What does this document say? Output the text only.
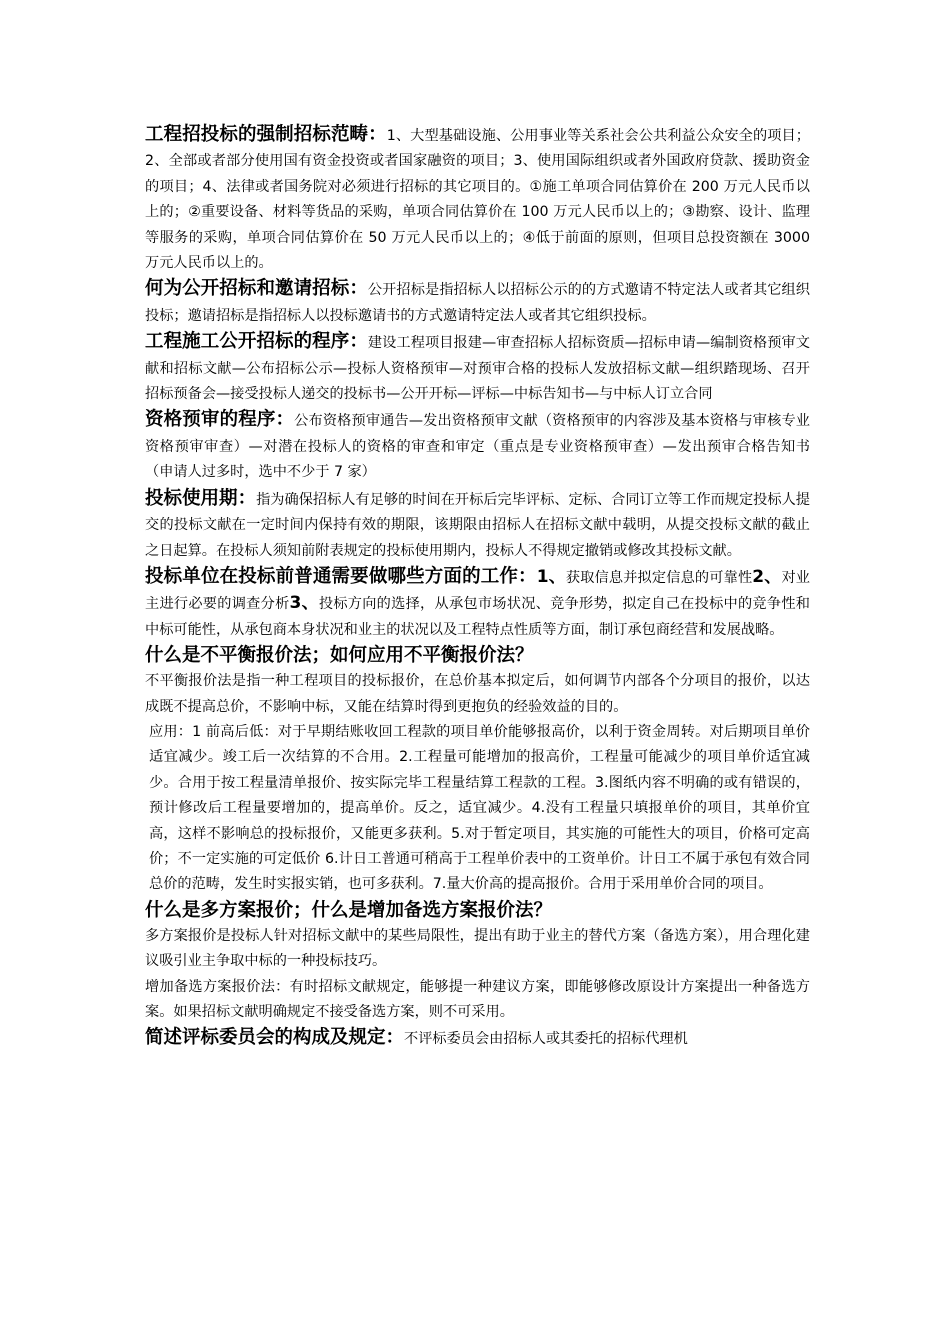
工程招投标的强制招标范畴：1、大型基础设施、公用事业等关系社会公共利益公众安全的项目；2、全部或者部分使用国有资金投资或者国家融资的项目；3、使用国际组织或者外国政府贷款、援助资金的项目；4、法律或者国务院对必须进行招标的其它项目的。①施工单项合同估算价在 200 万元人民币以上的；②重要设备、材料等货品的采购，单项合同估算价在 100 万元人民币以上的；③勘察、设计、监理等服务的采购，单项合同估算价在 50 万元人民币以上的；④低于前面的原则，但项目总投资额在 3000 万元人民币以上的。

何为公开招标和邀请招标：公开招标是指招标人以招标公示的的方式邀请不特定法人或者其它组织投标；邀请招标是指招标人以投标邀请书的方式邀请特定法人或者其它组织投标。

工程施工公开招标的程序：建设工程项目报建—审查招标人招标资质—招标申请—编制资格预审文献和招标文献—公布招标公示—投标人资格预审—对预审合格的投标人发放招标文献—组织踏现场、召开招标预备会—接受投标人递交的投标书—公开开标—评标—中标告知书—与中标人订立合同

资格预审的程序：公布资格预审通告—发出资格预审文献（资格预审的内容涉及基本资格与审核专业资格预审审查）—对潜在投标人的资格的审查和审定（重点是专业资格预审查）—发出预审合格告知书（申请人过多时，选中不少于 7 家）

投标使用期：指为确保招标人有足够的时间在开标后完毕评标、定标、合同订立等工作而规定投标人提交的投标文献在一定时间内保持有效的期限，该期限由招标人在招标文献中载明，从提交投标文献的截止之日起算。在投标人须知前附表规定的投标使用期内，投标人不得规定撤销或修改其投标文献。

投标单位在投标前普通需要做哪些方面的工作：1、获取信息并拟定信息的可靠性2、对业主进行必要的调查分析3、投标方向的选择，从承包市场状况、竞争形势，拟定自己在投标中的竞争性和中标可能性，从承包商本身状况和业主的状况以及工程特点性质等方面，制订承包商经营和发展战略。

什么是不平衡报价法；如何应用不平衡报价法？

不平衡报价法是指一种工程项目的投标报价，在总价基本拟定后，如何调节内部各个分项目的报价，以达成既不提高总价，不影响中标，又能在结算时得到更抱负的经验效益的目的。

应用：1 前高后低：对于早期结账收回工程款的项目单价能够报高价，以利于资金周转。对后期项目单价适宜减少。竣工后一次结算的不合用。2.工程量可能增加的报高价，工程量可能减少的项目单价适宜减少。合用于按工程量清单报价、按实际完毕工程量结算工程款的工程。3.图纸内容不明确的或有错误的，预计修改后工程量要增加的，提高单价。反之，适宜减少。4.没有工程量只填报单价的项目，其单价宜高，这样不影响总的投标报价，又能更多获利。5.对于暂定项目，其实施的可能性大的项目，价格可定高价；不一定实施的可定低价 6.计日工普通可稍高于工程单价表中的工资单价。计日工不属于承包有效合同总价的范畴，发生时实报实销，也可多获利。7.量大价高的提高报价。合用于采用单价合同的项目。

什么是多方案报价；什么是增加备选方案报价法？

多方案报价是投标人针对招标文献中的某些局限性，提出有助于业主的替代方案（备选方案），用合理化建议吸引业主争取中标的一种投标技巧。

增加备选方案报价法：有时招标文献规定，能够提一种建议方案，即能够修改原设计方案提出一种备选方案。如果招标文献明确规定不接受备选方案，则不可采用。

简述评标委员会的构成及规定：不评标委员会由招标人或其委托的招标代理机
